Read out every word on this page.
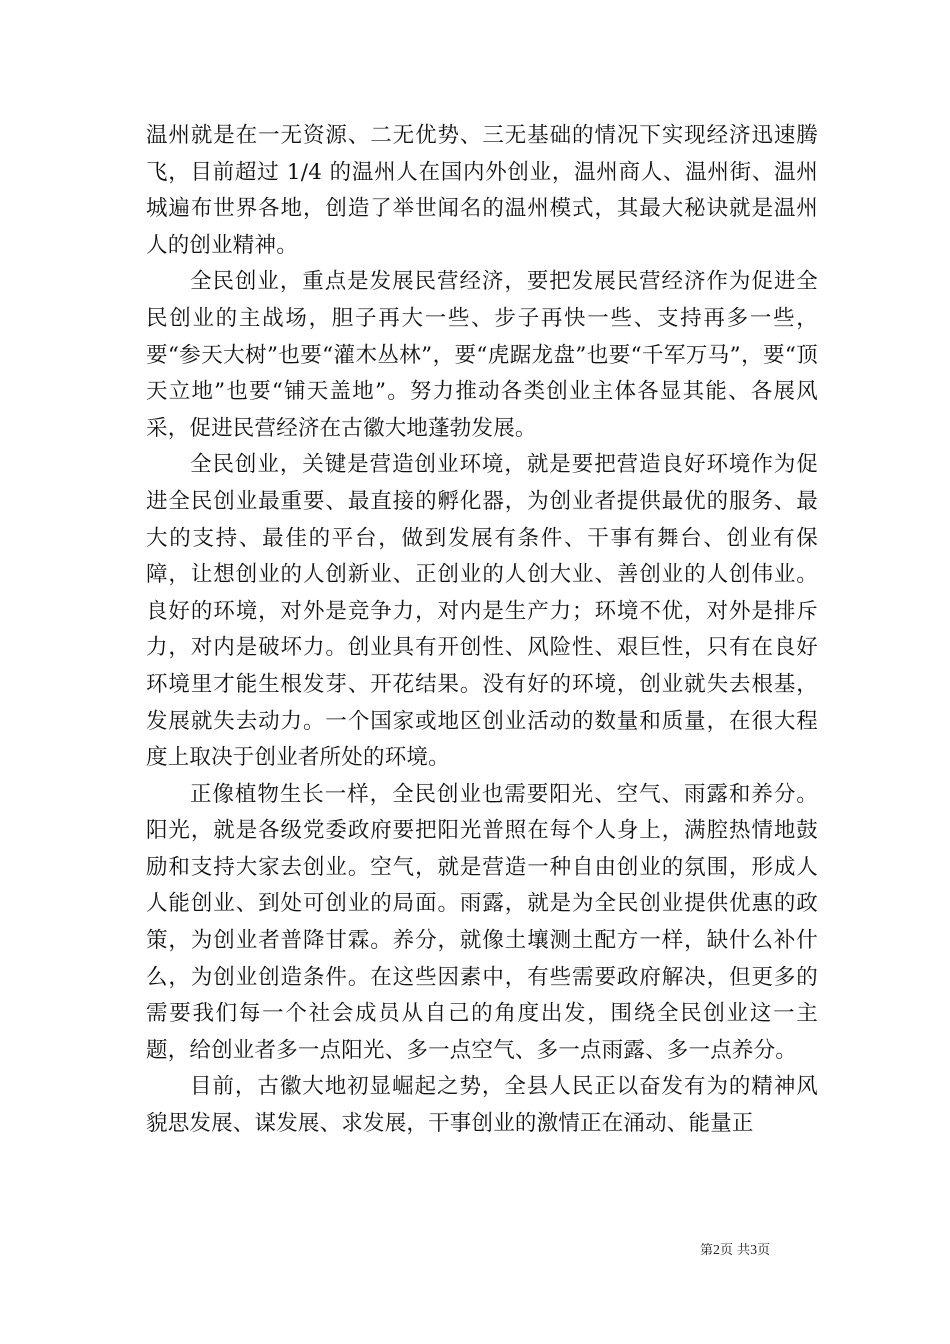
温州就是在一无资源、二无优势、三无基础的情况下实现经济迅速腾飞，目前超过 1/4 的温州人在国内外创业，温州商人、温州街、温州城遍布世界各地，创造了举世闻名的温州模式，其最大秘诀就是温州人的创业精神。

全民创业，重点是发展民营经济，要把发展民营经济作为促进全民创业的主战场，胆子再大一些、步子再快一些、支持再多一些，要“参天大树”也要“灌木丛林”，要“虎踞龙盘”也要“千军万马”，要“顶天立地”也要“铺天盖地”。努力推动各类创业主体各显其能、各展风采，促进民营经济在古徽大地蓬勃发展。

全民创业，关键是营造创业环境，就是要把营造良好环境作为促进全民创业最重要、最直接的孵化器，为创业者提供最优的服务、最大的支持、最佳的平台，做到发展有条件、干事有舞台、创业有保障，让想创业的人创新业、正创业的人创大业、善创业的人创伟业。良好的环境，对外是竞争力，对内是生产力；环境不优，对外是排斥力，对内是破坏力。创业具有开创性、风险性、艰巨性，只有在良好环境里才能生根发芽、开花结果。没有好的环境，创业就失去根基，发展就失去动力。一个国家或地区创业活动的数量和质量，在很大程度上取决于创业者所处的环境。

正像植物生长一样，全民创业也需要阳光、空气、雨露和养分。阳光，就是各级党委政府要把阳光普照在每个人身上，满腔热情地鼓励和支持大家去创业。空气，就是营造一种自由创业的氛围，形成人人能创业、到处可创业的局面。雨露，就是为全民创业提供优惠的政策，为创业者普降甘霖。养分，就像土壤测土配方一样，缺什么补什么，为创业创造条件。在这些因素中，有些需要政府解决，但更多的需要我们每一个社会成员从自己的角度出发，围绕全民创业这一主题，给创业者多一点阳光、多一点空气、多一点雨露、多一点养分。

目前，古徽大地初显崛起之势，全县人民正以奋发有为的精神风貌思发展、谋发展、求发展，干事创业的激情正在涌动、能量正

第2页 共3页
